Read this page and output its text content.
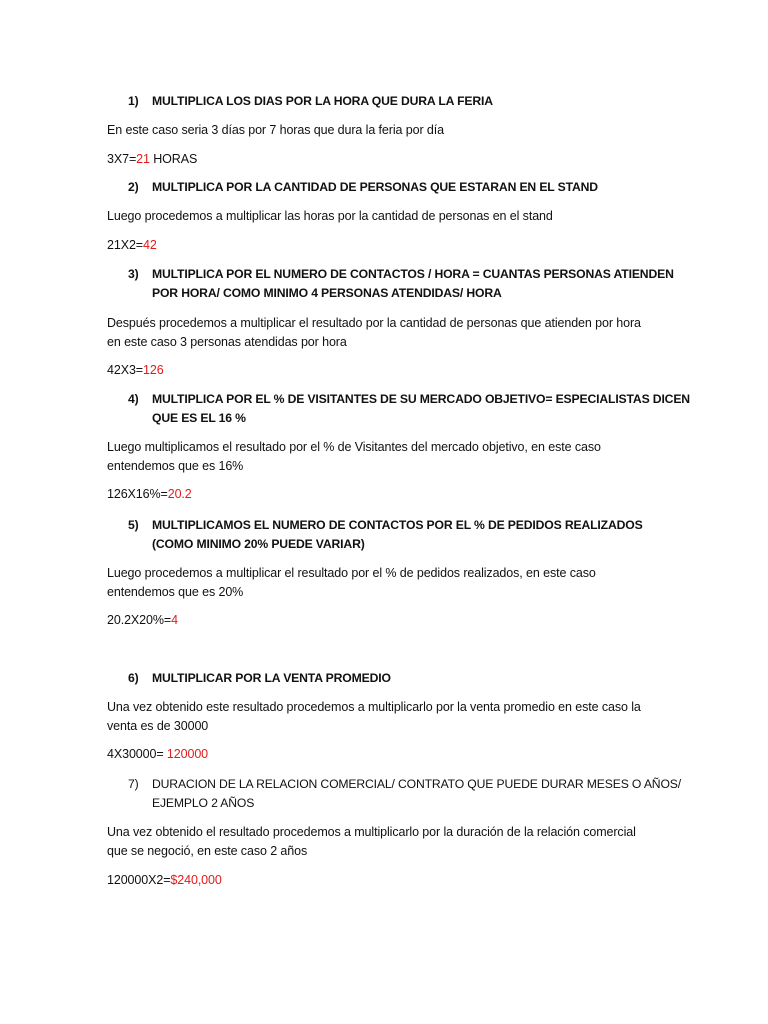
1) MULTIPLICA LOS DIAS POR LA HORA QUE DURA LA FERIA
En este caso seria 3 días por 7 horas que dura la feria por día
3X7=21 HORAS
2) MULTIPLICA POR LA CANTIDAD DE PERSONAS QUE ESTARAN EN EL STAND
Luego procedemos a multiplicar las horas por la cantidad de personas en el stand
21X2=42
3) MULTIPLICA POR EL NUMERO DE CONTACTOS / HORA = CUANTAS PERSONAS ATIENDEN
POR HORA/ COMO MINIMO 4 PERSONAS ATENDIDAS/ HORA
Después procedemos a multiplicar el resultado por la cantidad de personas que atienden por hora
en este caso 3 personas atendidas por hora
42X3=126
4) MULTIPLICA POR EL % DE VISITANTES DE SU MERCADO OBJETIVO= ESPECIALISTAS DICEN
QUE ES EL 16 %
Luego multiplicamos el resultado por el % de Visitantes del mercado objetivo, en este caso
entendemos que es 16%
126X16%=20.2
5) MULTIPLICAMOS EL NUMERO DE CONTACTOS POR EL % DE PEDIDOS REALIZADOS
(COMO MINIMO 20% PUEDE VARIAR)
Luego procedemos a multiplicar el resultado por el % de pedidos realizados, en este caso
entendemos que es 20%
20.2X20%=4
6) MULTIPLICAR POR LA VENTA PROMEDIO
Una vez obtenido este resultado procedemos a multiplicarlo por la venta promedio en este caso la
venta es de 30000
4X30000= 120000
7) DURACION DE LA RELACION COMERCIAL/ CONTRATO QUE PUEDE DURAR MESES O AÑOS/
EJEMPLO 2 AÑOS
Una vez obtenido el resultado procedemos a multiplicarlo por la duración de la relación comercial
que se negoció, en este caso 2 años
120000X2=$240,000
